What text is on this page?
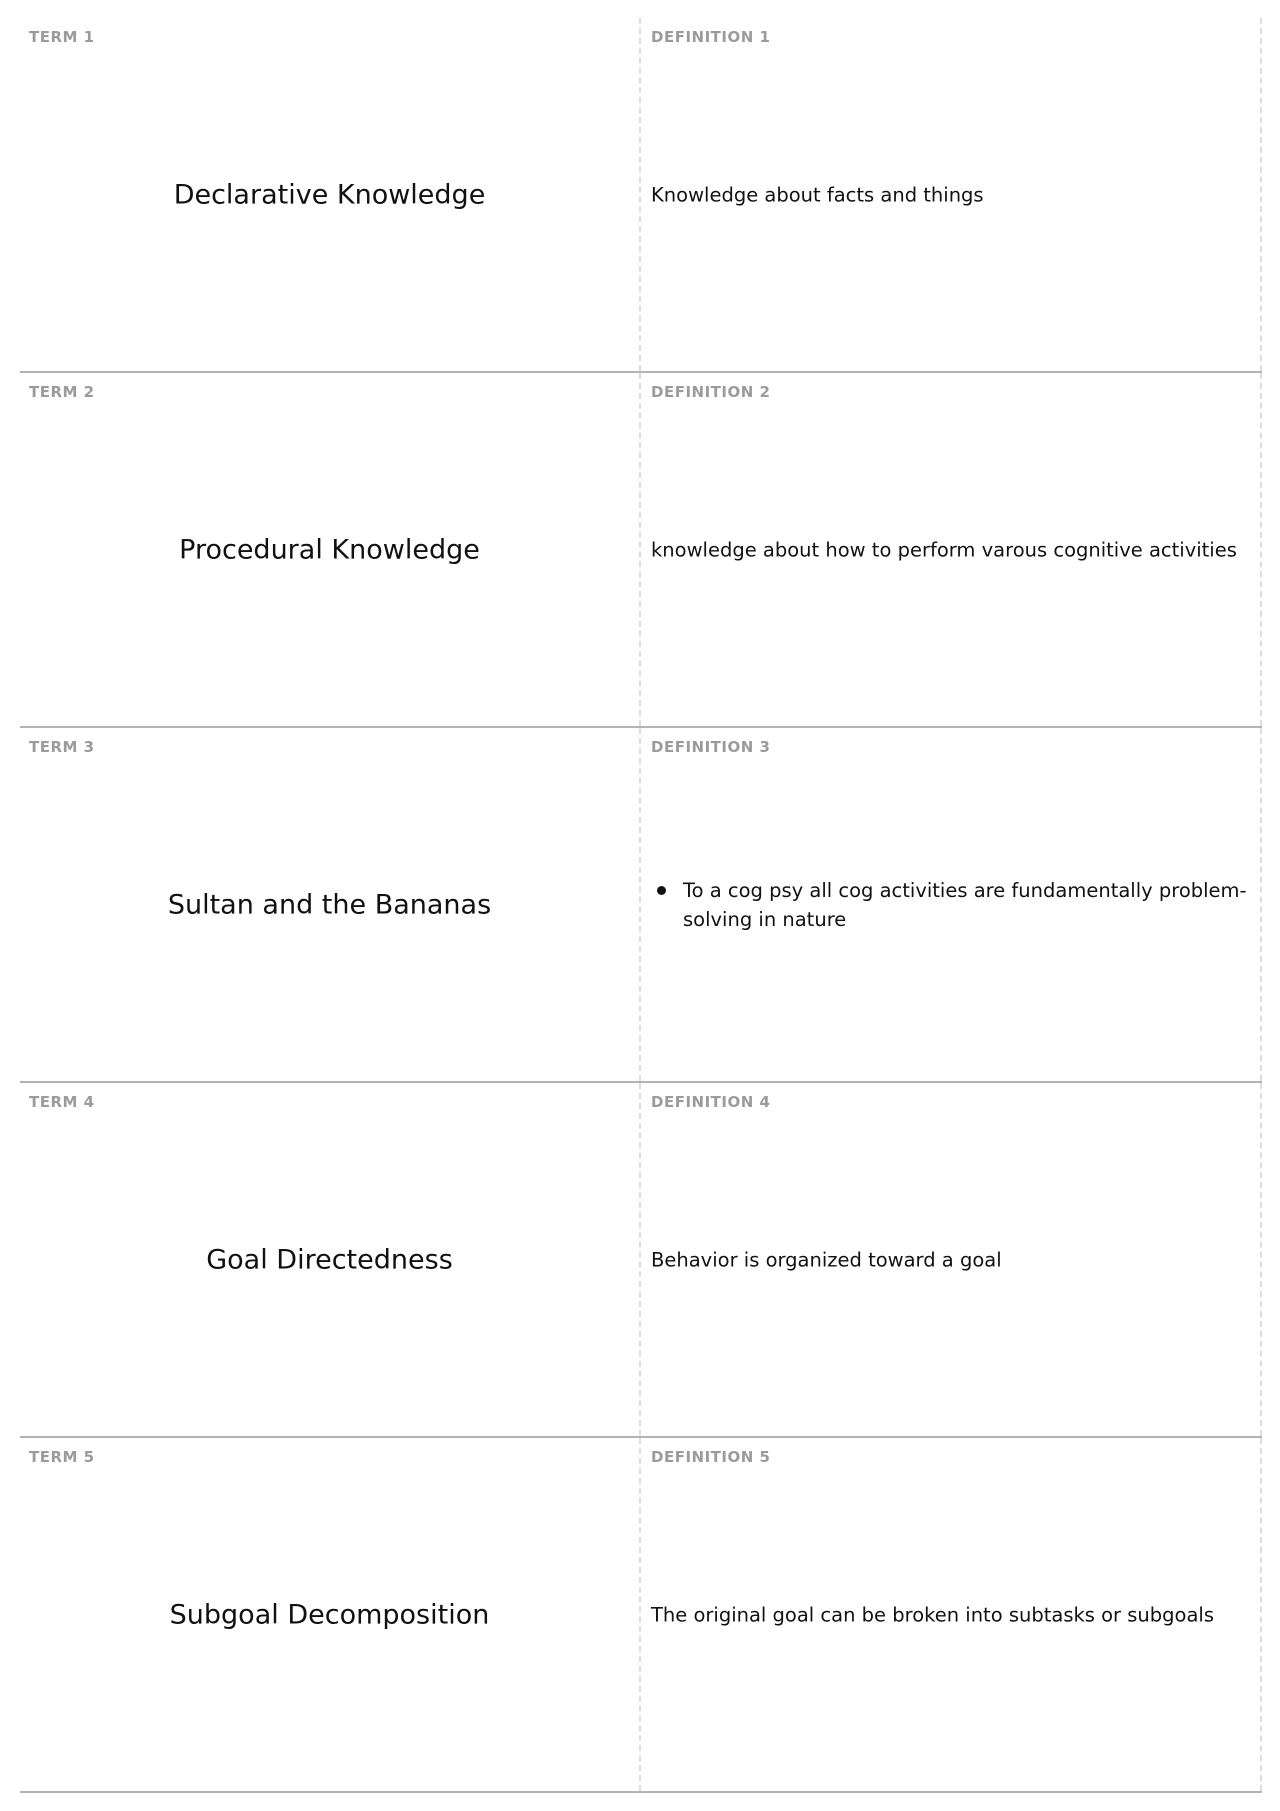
TERM 1
Declarative Knowledge
DEFINITION 1
Knowledge about facts and things
TERM 2
Procedural Knowledge
DEFINITION 2
knowledge about how to perform varous cognitive activities
TERM 3
Sultan and the Bananas
DEFINITION 3
To a cog psy all cog activities are fundamentally problem-solving in nature
TERM 4
Goal Directedness
DEFINITION 4
Behavior is organized toward a goal
TERM 5
Subgoal Decomposition
DEFINITION 5
The original goal can be broken into subtasks or subgoals
